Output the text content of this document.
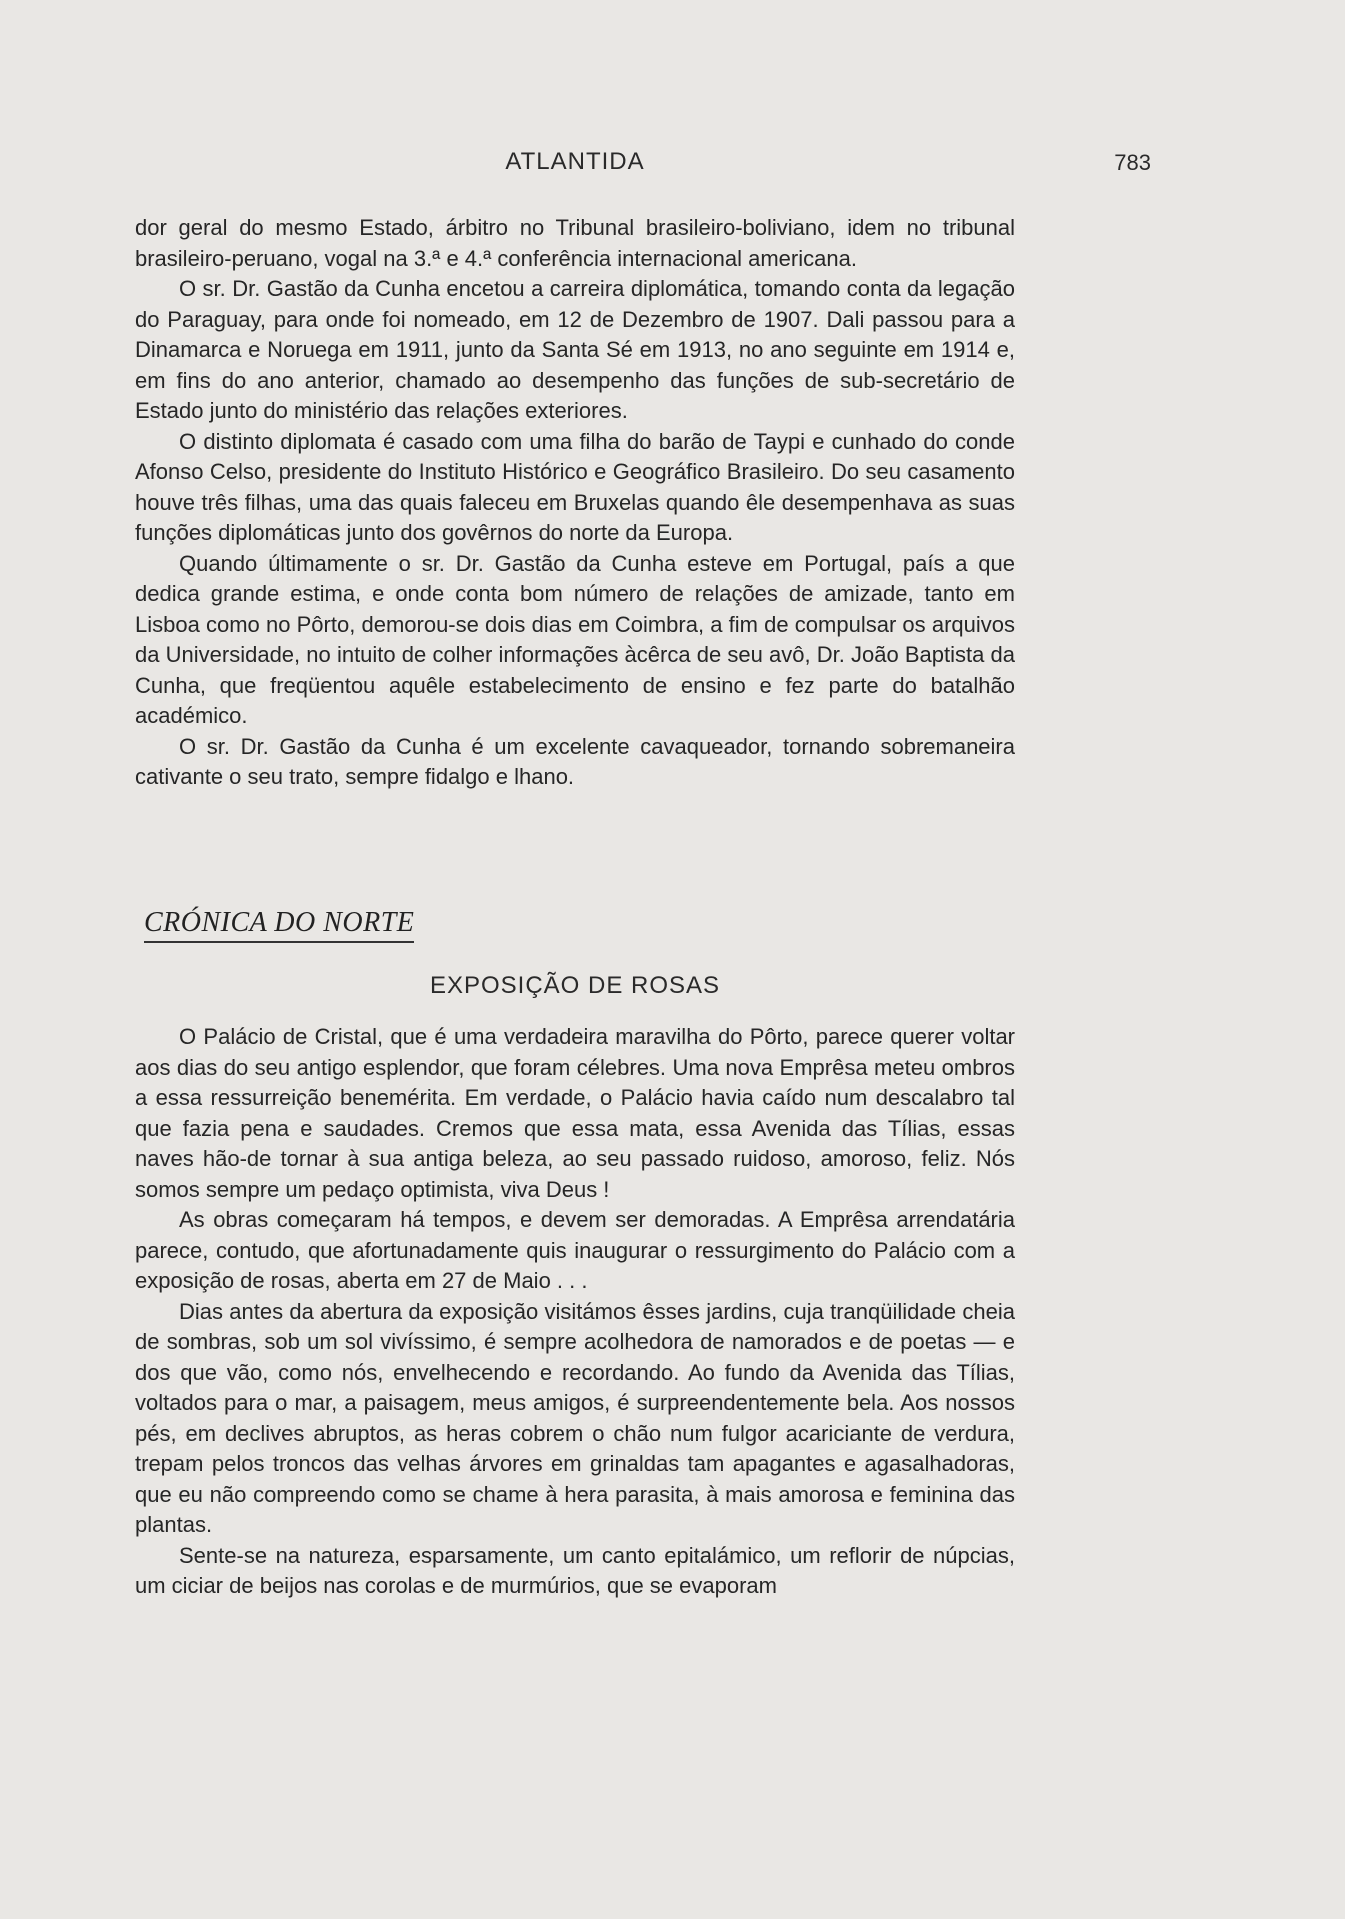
ATLANTIDA	783

dor geral do mesmo Estado, árbitro no Tribunal brasileiro-boliviano, idem no tribunal brasileiro-peruano, vogal na 3.ª e 4.ª conferência internacional americana.

O sr. Dr. Gastão da Cunha encetou a carreira diplomática, tomando conta da legação do Paraguay, para onde foi nomeado, em 12 de Dezembro de 1907. Dali passou para a Dinamarca e Noruega em 1911, junto da Santa Sé em 1913, no ano seguinte em 1914 e, em fins do ano anterior, chamado ao desempenho das funções de sub-secretário de Estado junto do ministério das relações exteriores.

O distinto diplomata é casado com uma filha do barão de Taypi e cunhado do conde Afonso Celso, presidente do Instituto Histórico e Geográfico Brasileiro. Do seu casamento houve três filhas, uma das quais faleceu em Bruxelas quando êle desempenhava as suas funções diplomáticas junto dos govêrnos do norte da Europa.

Quando últimamente o sr. Dr. Gastão da Cunha esteve em Portugal, país a que dedica grande estima, e onde conta bom número de relações de amizade, tanto em Lisboa como no Pôrto, demorou-se dois dias em Coimbra, a fim de compulsar os arquivos da Universidade, no intuito de colher informações àcêrca de seu avô, Dr. João Baptista da Cunha, que freqüentou aquêle estabelecimento de ensino e fez parte do batalhão académico.

O sr. Dr. Gastão da Cunha é um excelente cavaqueador, tornando sobremaneira cativante o seu trato, sempre fidalgo e lhano.

CRÓNICA DO NORTE
EXPOSIÇÃO DE ROSAS

O Palácio de Cristal, que é uma verdadeira maravilha do Pôrto, parece querer voltar aos dias do seu antigo esplendor, que foram célebres. Uma nova Emprêsa meteu ombros a essa ressurreição benemérita. Em verdade, o Palácio havia caído num descalabro tal que fazia pena e saudades. Cremos que essa mata, essa Avenida das Tílias, essas naves hão-de tornar à sua antiga beleza, ao seu passado ruidoso, amoroso, feliz. Nós somos sempre um pedaço optimista, viva Deus !

As obras começaram há tempos, e devem ser demoradas. A Emprêsa arrendatária parece, contudo, que afortunadamente quis inaugurar o ressurgimento do Palácio com a exposição de rosas, aberta em 27 de Maio . . .

Dias antes da abertura da exposição visitámos êsses jardins, cuja tranqüilidade cheia de sombras, sob um sol vivíssimo, é sempre acolhedora de namorados e de poetas — e dos que vão, como nós, envelhecendo e recordando. Ao fundo da Avenida das Tílias, voltados para o mar, a paisagem, meus amigos, é surpreendentemente bela. Aos nossos pés, em declives abruptos, as heras cobrem o chão num fulgor acariciante de verdura, trepam pelos troncos das velhas árvores em grinaldas tam apagantes e agasalhadoras, que eu não compreendo como se chame à hera parasita, à mais amorosa e feminina das plantas.

Sente-se na natureza, esparsamente, um canto epitalámico, um reflorir de núpcias, um ciciar de beijos nas corolas e de murmúrios, que se evaporam
